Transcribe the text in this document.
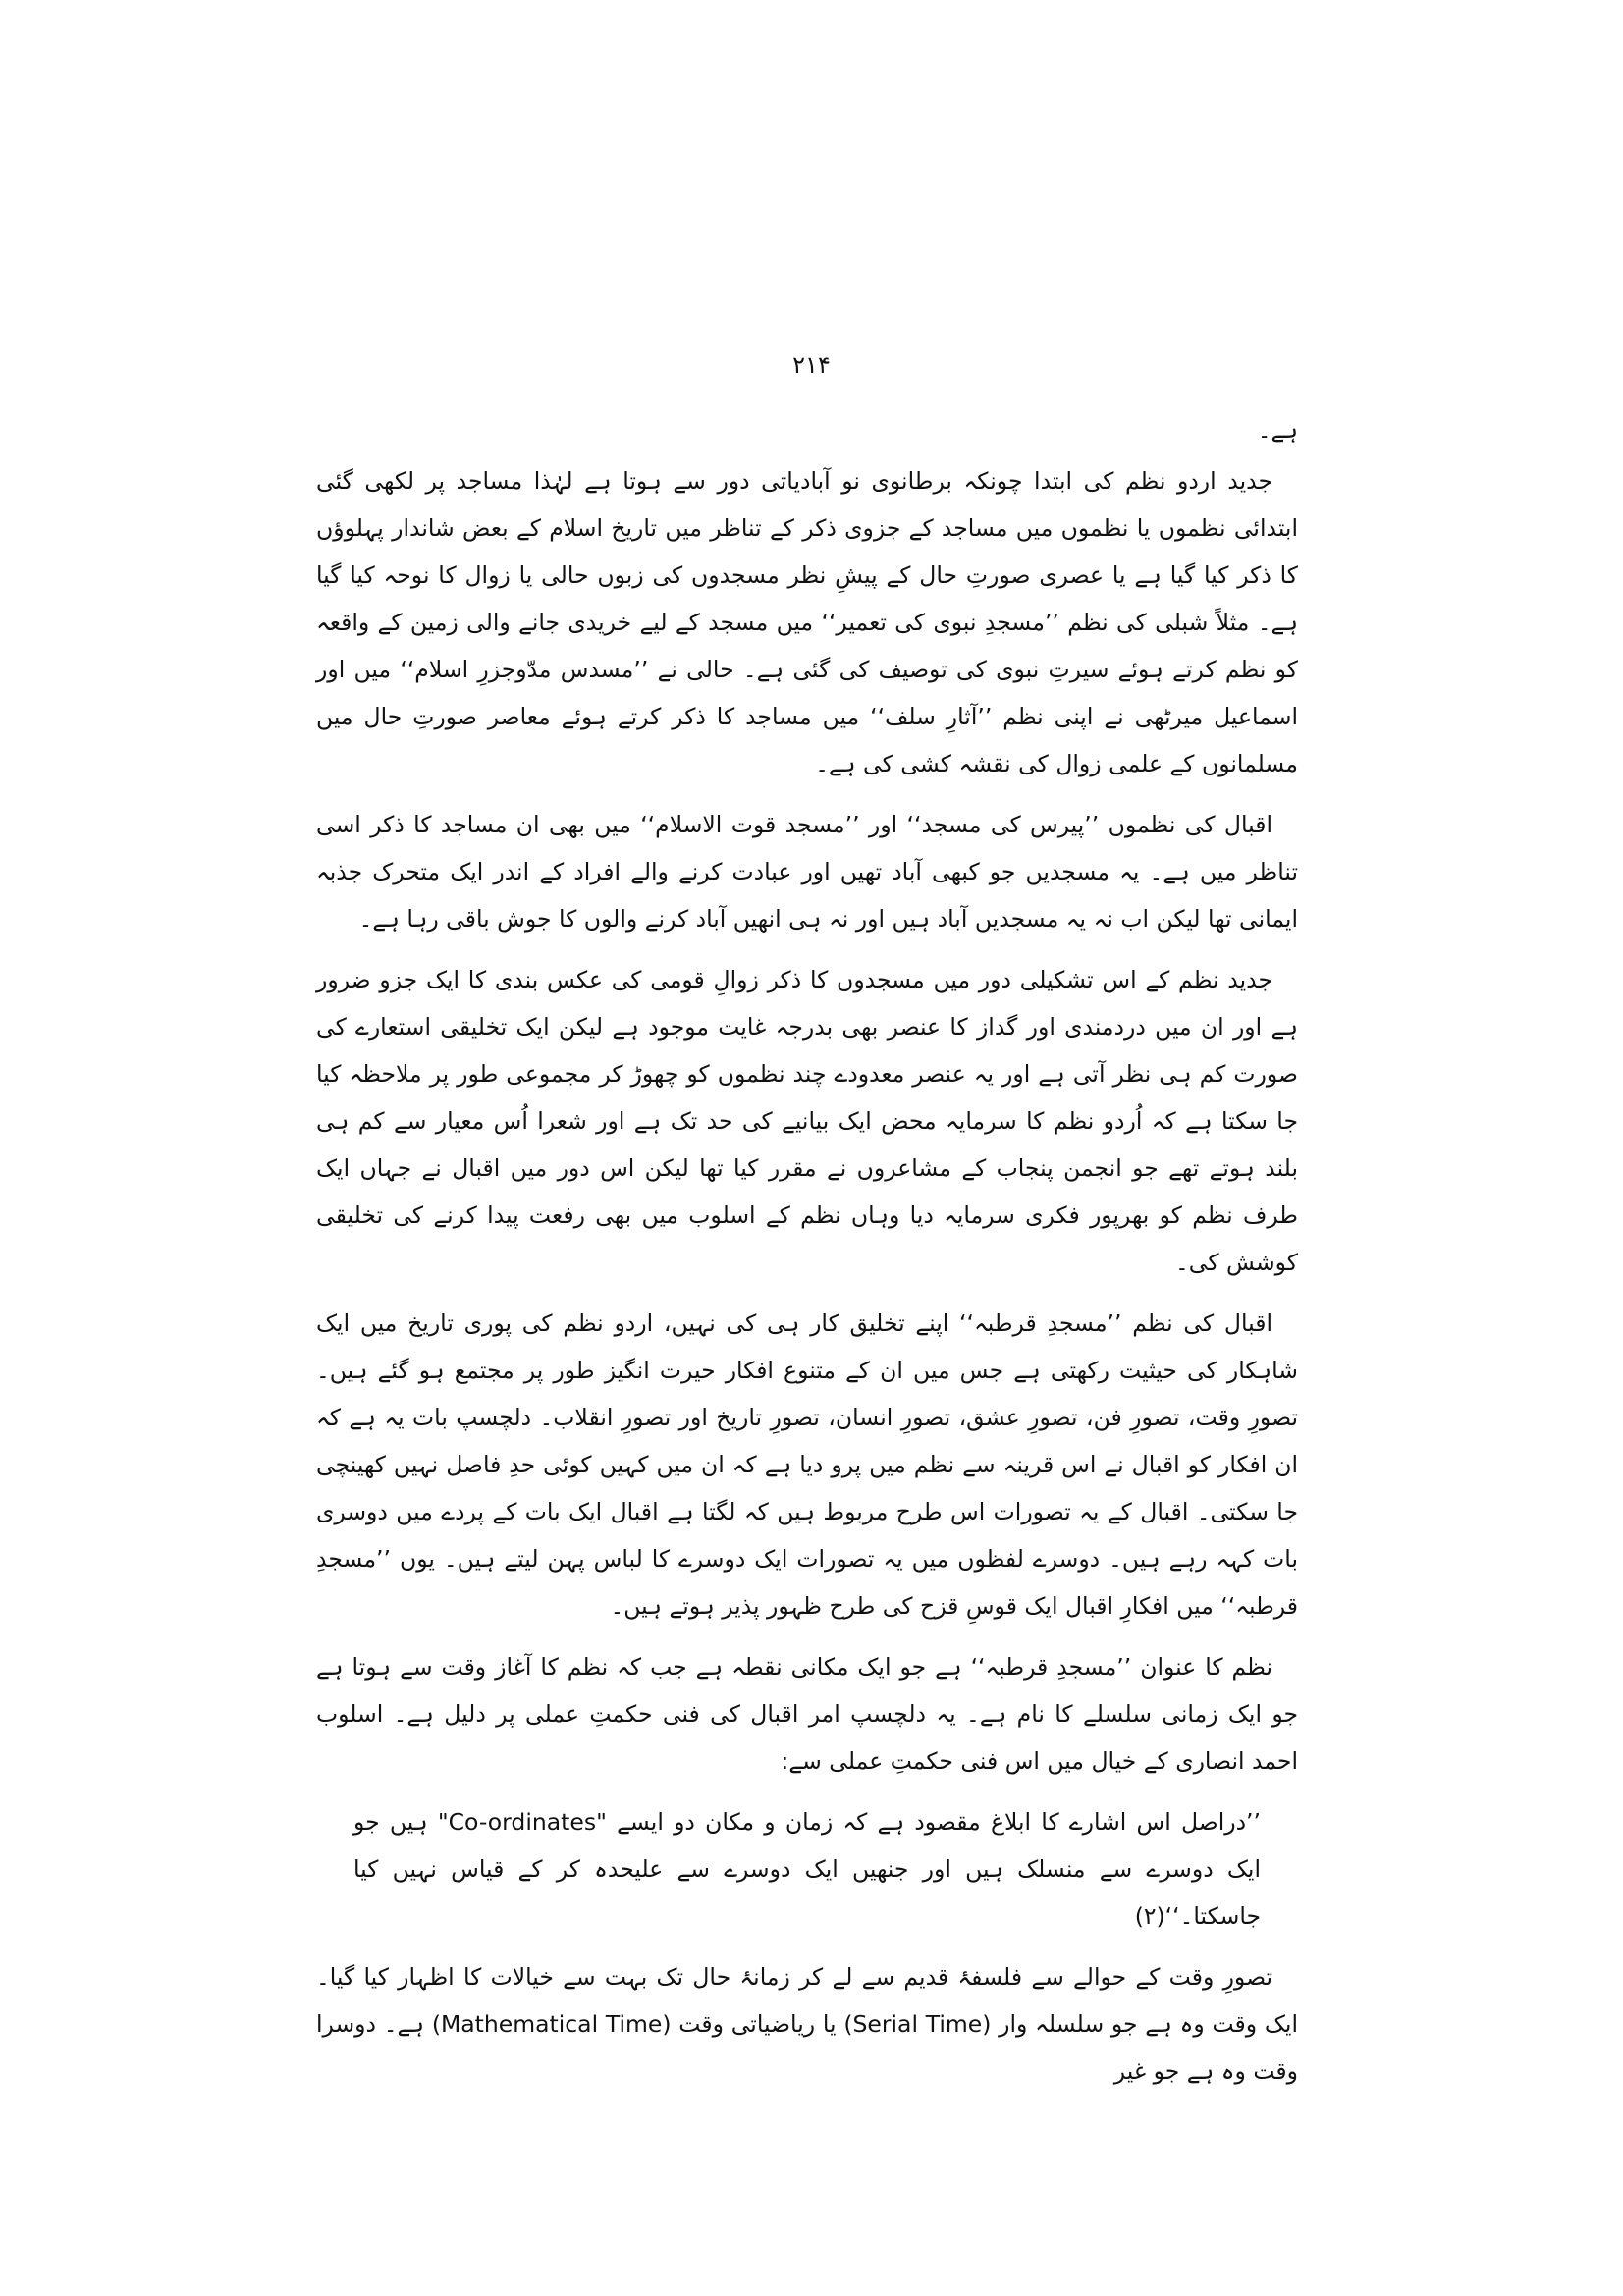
۲۱۴

ہے۔

جدید اردو نظم کی ابتدا چونکہ برطانوی نو آبادیاتی دور سے ہوتا ہے لہٰذا مساجد پر لکھی گئی ابتدائی نظموں یا نظموں میں مساجد کے جزوی ذکر کے تناظر میں تاریخ اسلام کے بعض شاندار پہلوؤں کا ذکر کیا گیا ہے یا عصری صورتِ حال کے پیشِ نظر مسجدوں کی زبوں حالی یا زوال کا نوحہ کیا گیا ہے۔ مثلاً شبلی کی نظم ’’مسجدِ نبوی کی تعمیر‘‘ میں مسجد کے لیے خریدی جانے والی زمین کے واقعہ کو نظم کرتے ہوئے سیرتِ نبوی کی توصیف کی گئی ہے۔ حالی نے ’’مسدس مدّوجزرِ اسلام‘‘ میں اور اسماعیل میرٹھی نے اپنی نظم ’’آثارِ سلف‘‘ میں مساجد کا ذکر کرتے ہوئے معاصر صورتِ حال میں مسلمانوں کے علمی زوال کی نقشہ کشی کی ہے۔

اقبال کی نظموں ’’پیرس کی مسجد‘‘ اور ’’مسجد قوت الاسلام‘‘ میں بھی ان مساجد کا ذکر اسی تناظر میں ہے۔ یہ مسجدیں جو کبھی آباد تھیں اور عبادت کرنے والے افراد کے اندر ایک متحرک جذبہ ایمانی تھا لیکن اب نہ یہ مسجدیں آباد ہیں اور نہ ہی انھیں آباد کرنے والوں کا جوش باقی رہا ہے۔

جدید نظم کے اس تشکیلی دور میں مسجدوں کا ذکر زوالِ قومی کی عکس بندی کا ایک جزو ضرور ہے اور ان میں دردمندی اور گداز کا عنصر بھی بدرجہ غایت موجود ہے لیکن ایک تخلیقی استعارے کی صورت کم ہی نظر آتی ہے اور یہ عنصر معدودے چند نظموں کو چھوڑ کر مجموعی طور پر ملاحظہ کیا جا سکتا ہے کہ اُردو نظم کا سرمایہ محض ایک بیانیے کی حد تک ہے اور شعرا اُس معیار سے کم ہی بلند ہوتے تھے جو انجمن پنجاب کے مشاعروں نے مقرر کیا تھا لیکن اس دور میں اقبال نے جہاں ایک طرف نظم کو بھرپور فکری سرمایہ دیا وہاں نظم کے اسلوب میں بھی رفعت پیدا کرنے کی تخلیقی کوشش کی۔

اقبال کی نظم ’’مسجدِ قرطبہ‘‘ اپنے تخلیق کار ہی کی نہیں، اردو نظم کی پوری تاریخ میں ایک شاہکار کی حیثیت رکھتی ہے جس میں ان کے متنوع افکار حیرت انگیز طور پر مجتمع ہو گئے ہیں۔ تصورِ وقت، تصورِ فن، تصورِ عشق، تصورِ انسان، تصورِ تاریخ اور تصورِ انقلاب۔ دلچسپ بات یہ ہے کہ ان افکار کو اقبال نے اس قرینہ سے نظم میں پرو دیا ہے کہ ان میں کہیں کوئی حدِ فاصل نہیں کھینچی جا سکتی۔ اقبال کے یہ تصورات اس طرح مربوط ہیں کہ لگتا ہے اقبال ایک بات کے پردے میں دوسری بات کہہ رہے ہیں۔ دوسرے لفظوں میں یہ تصورات ایک دوسرے کا لباس پہن لیتے ہیں۔ یوں ’’مسجدِ قرطبہ‘‘ میں افکارِ اقبال ایک قوسِ قزح کی طرح ظہور پذیر ہوتے ہیں۔

نظم کا عنوان ’’مسجدِ قرطبہ‘‘ ہے جو ایک مکانی نقطہ ہے جب کہ نظم کا آغاز وقت سے ہوتا ہے جو ایک زمانی سلسلے کا نام ہے۔ یہ دلچسپ امر اقبال کی فنی حکمتِ عملی پر دلیل ہے۔ اسلوب احمد انصاری کے خیال میں اس فنی حکمتِ عملی سے:

’’دراصل اس اشارے کا ابلاغ مقصود ہے کہ زمان و مکان دو ایسے "Co-ordinates" ہیں جو ایک دوسرے سے منسلک ہیں اور جنھیں ایک دوسرے سے علیحدہ کر کے قیاس نہیں کیا جاسکتا۔‘‘(۲)

تصورِ وقت کے حوالے سے فلسفۂ قدیم سے لے کر زمانۂ حال تک بہت سے خیالات کا اظہار کیا گیا۔ ایک وقت وہ ہے جو سلسلہ وار (Serial Time) یا ریاضیاتی وقت (Mathematical Time) ہے۔ دوسرا وقت وہ ہے جو غیر
